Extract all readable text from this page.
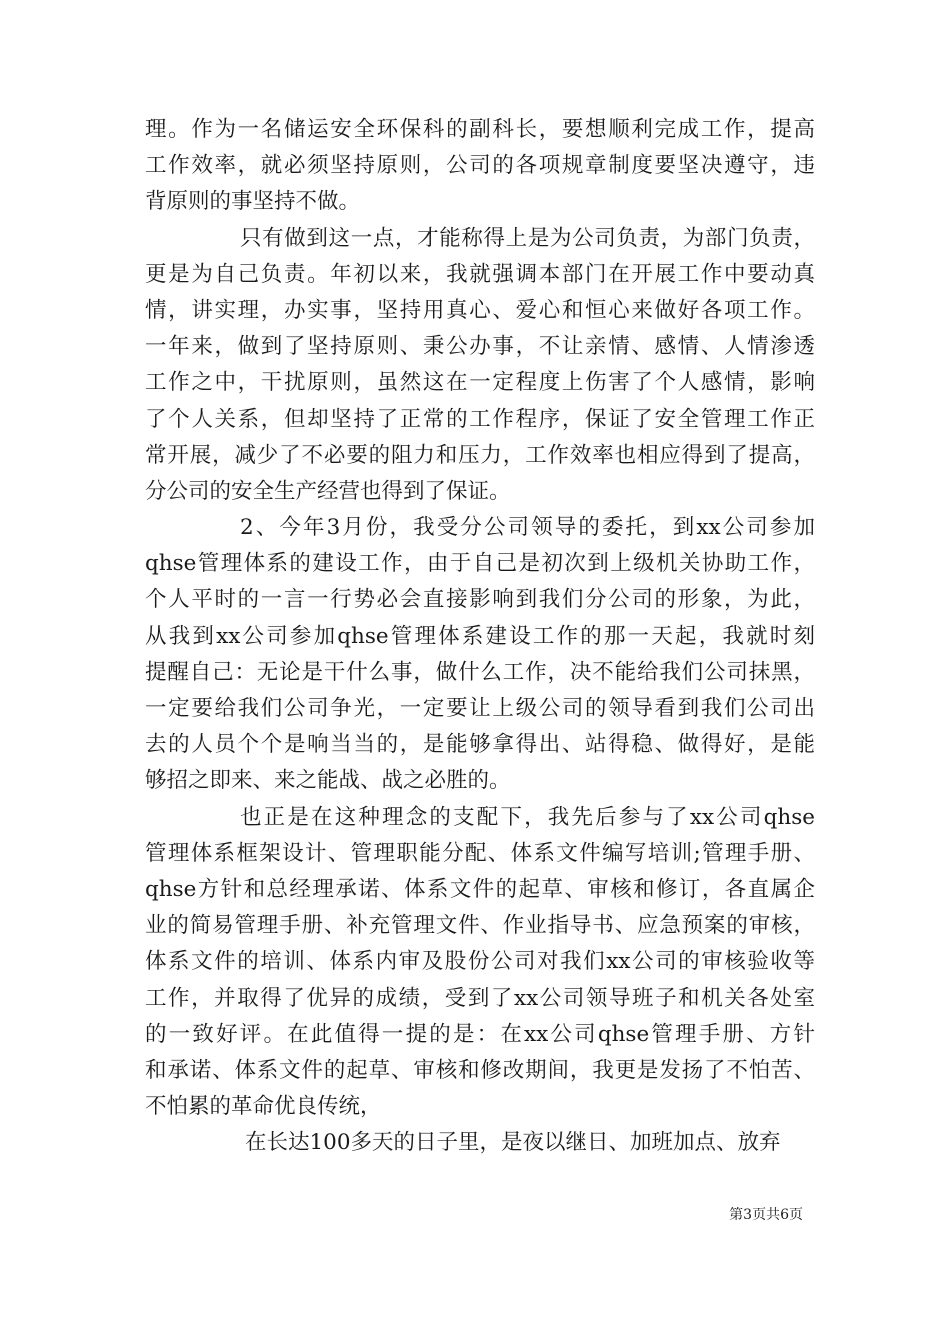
理。作为一名储运安全环保科的副科长，要想顺利完成工作，提高
工作效率，就必须坚持原则，公司的各项规章制度要坚决遵守，违
背原则的事坚持不做。
只有做到这一点，才能称得上是为公司负责，为部门负责，
更是为自己负责。年初以来，我就强调本部门在开展工作中要动真
情，讲实理，办实事，坚持用真心、爱心和恒心来做好各项工作。
一年来，做到了坚持原则、秉公办事，不让亲情、感情、人情渗透
工作之中，干扰原则，虽然这在一定程度上伤害了个人感情，影响
了个人关系，但却坚持了正常的工作程序，保证了安全管理工作正
常开展，减少了不必要的阻力和压力，工作效率也相应得到了提高，
分公司的安全生产经营也得到了保证。
2、今年3月份，我受分公司领导的委托，到xx公司参加
qhse管理体系的建设工作，由于自己是初次到上级机关协助工作，
个人平时的一言一行势必会直接影响到我们分公司的形象，为此，
从我到xx公司参加qhse管理体系建设工作的那一天起，我就时刻
提醒自己：无论是干什么事，做什么工作，决不能给我们公司抹黑，
一定要给我们公司争光，一定要让上级公司的领导看到我们公司出
去的人员个个是响当当的，是能够拿得出、站得稳、做得好，是能
够招之即来、来之能战、战之必胜的。
也正是在这种理念的支配下，我先后参与了xx公司qhse
管理体系框架设计、管理职能分配、体系文件编写培训;管理手册、
qhse方针和总经理承诺、体系文件的起草、审核和修订，各直属企
业的简易管理手册、补充管理文件、作业指导书、应急预案的审核，
体系文件的培训、体系内审及股份公司对我们xx公司的审核验收等
工作，并取得了优异的成绩，受到了xx公司领导班子和机关各处室
的一致好评。在此值得一提的是：在xx公司qhse管理手册、方针
和承诺、体系文件的起草、审核和修改期间，我更是发扬了不怕苦、
不怕累的革命优良传统，
在长达100多天的日子里，是夜以继日、加班加点、放弃
第3页共6页
